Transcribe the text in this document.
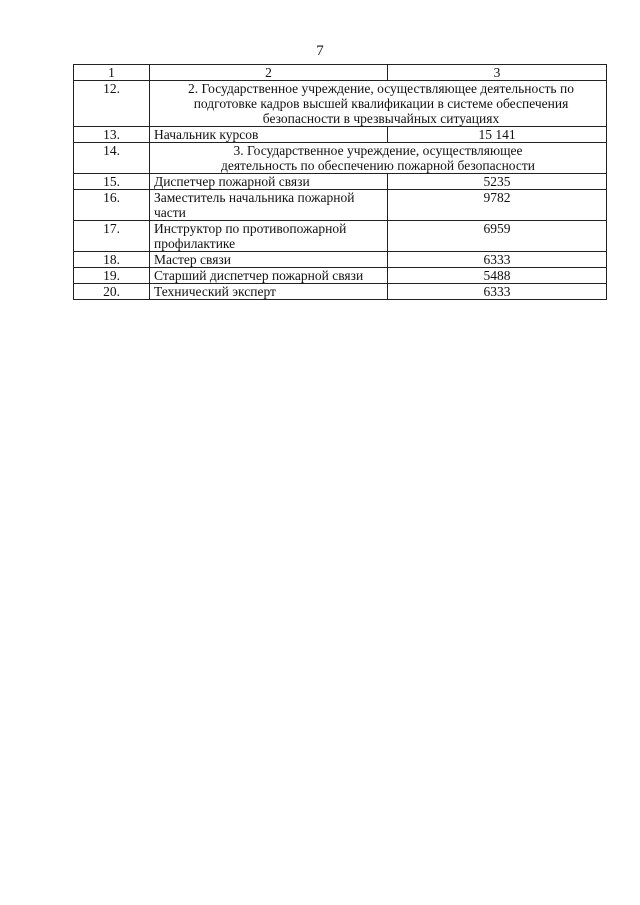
7
1	2	3
12.	2. Государственное учреждение, осуществляющее деятельность по подготовке кадров высшей квалификации в системе обеспечения безопасности в чрезвычайных ситуациях	
13.	Начальник курсов	15 141
14.	3. Государственное учреждение, осуществляющее деятельность по обеспечению пожарной безопасности	
15.	Диспетчер пожарной связи	5235
16.	Заместитель начальника пожарной части	9782
17.	Инструктор по противопожарной профилактике	6959
18.	Мастер связи	6333
19.	Старший диспетчер пожарной связи	5488
20.	Технический эксперт	6333
